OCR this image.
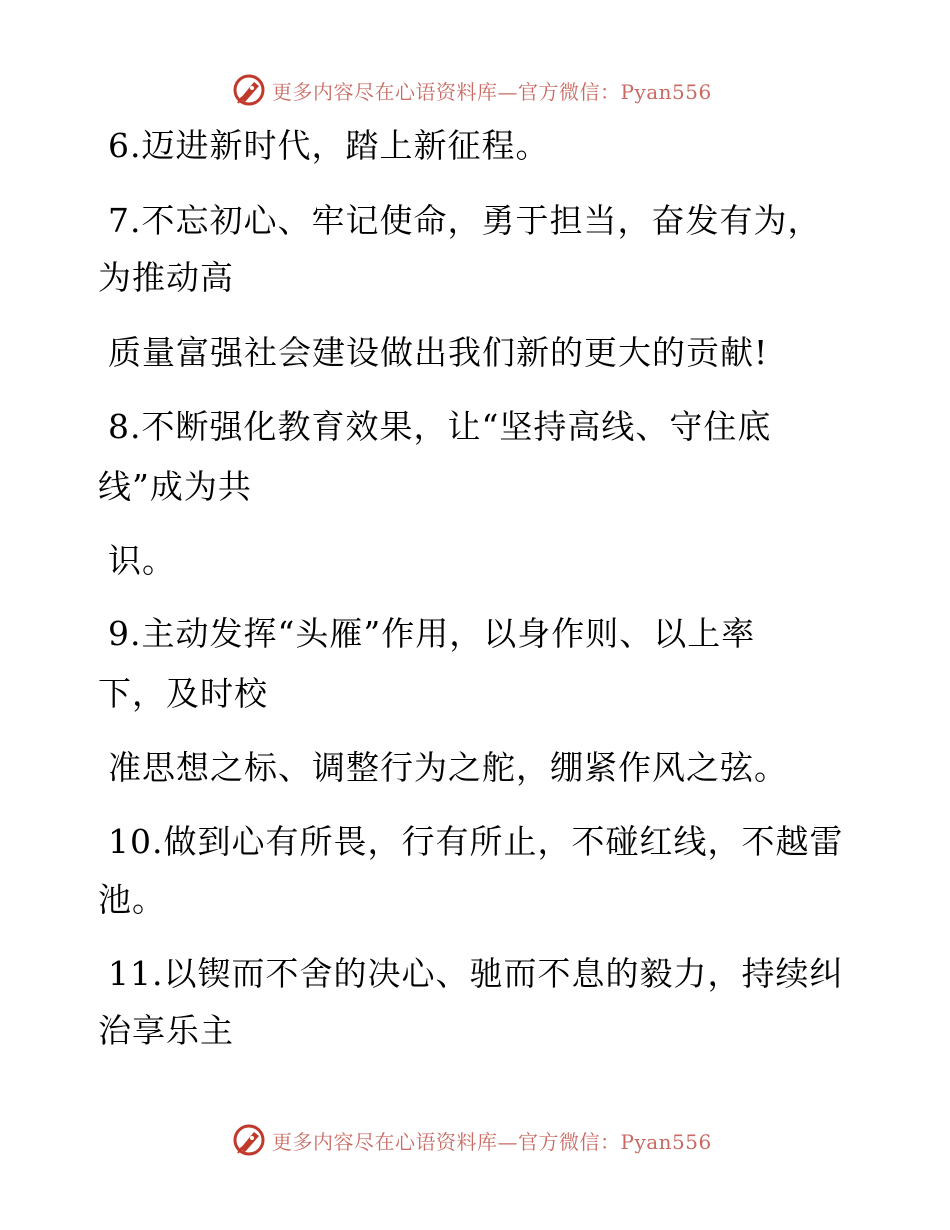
更多内容尽在心语资料库—官方微信：Pyan556
6.迈进新时代，踏上新征程。
7.不忘初心、牢记使命，勇于担当，奋发有为，
为推动高
质量富强社会建设做出我们新的更大的贡献!
8.不断强化教育效果，让“坚持高线、守住底
线”成为共
识。
9.主动发挥“头雁”作用，以身作则、以上率
下，及时校
准思想之标、调整行为之舵，绷紧作风之弦。
10.做到心有所畏，行有所止，不碰红线，不越雷
池。
11.以锲而不舍的决心、驰而不息的毅力，持续纠
治享乐主
更多内容尽在心语资料库—官方微信：Pyan556
